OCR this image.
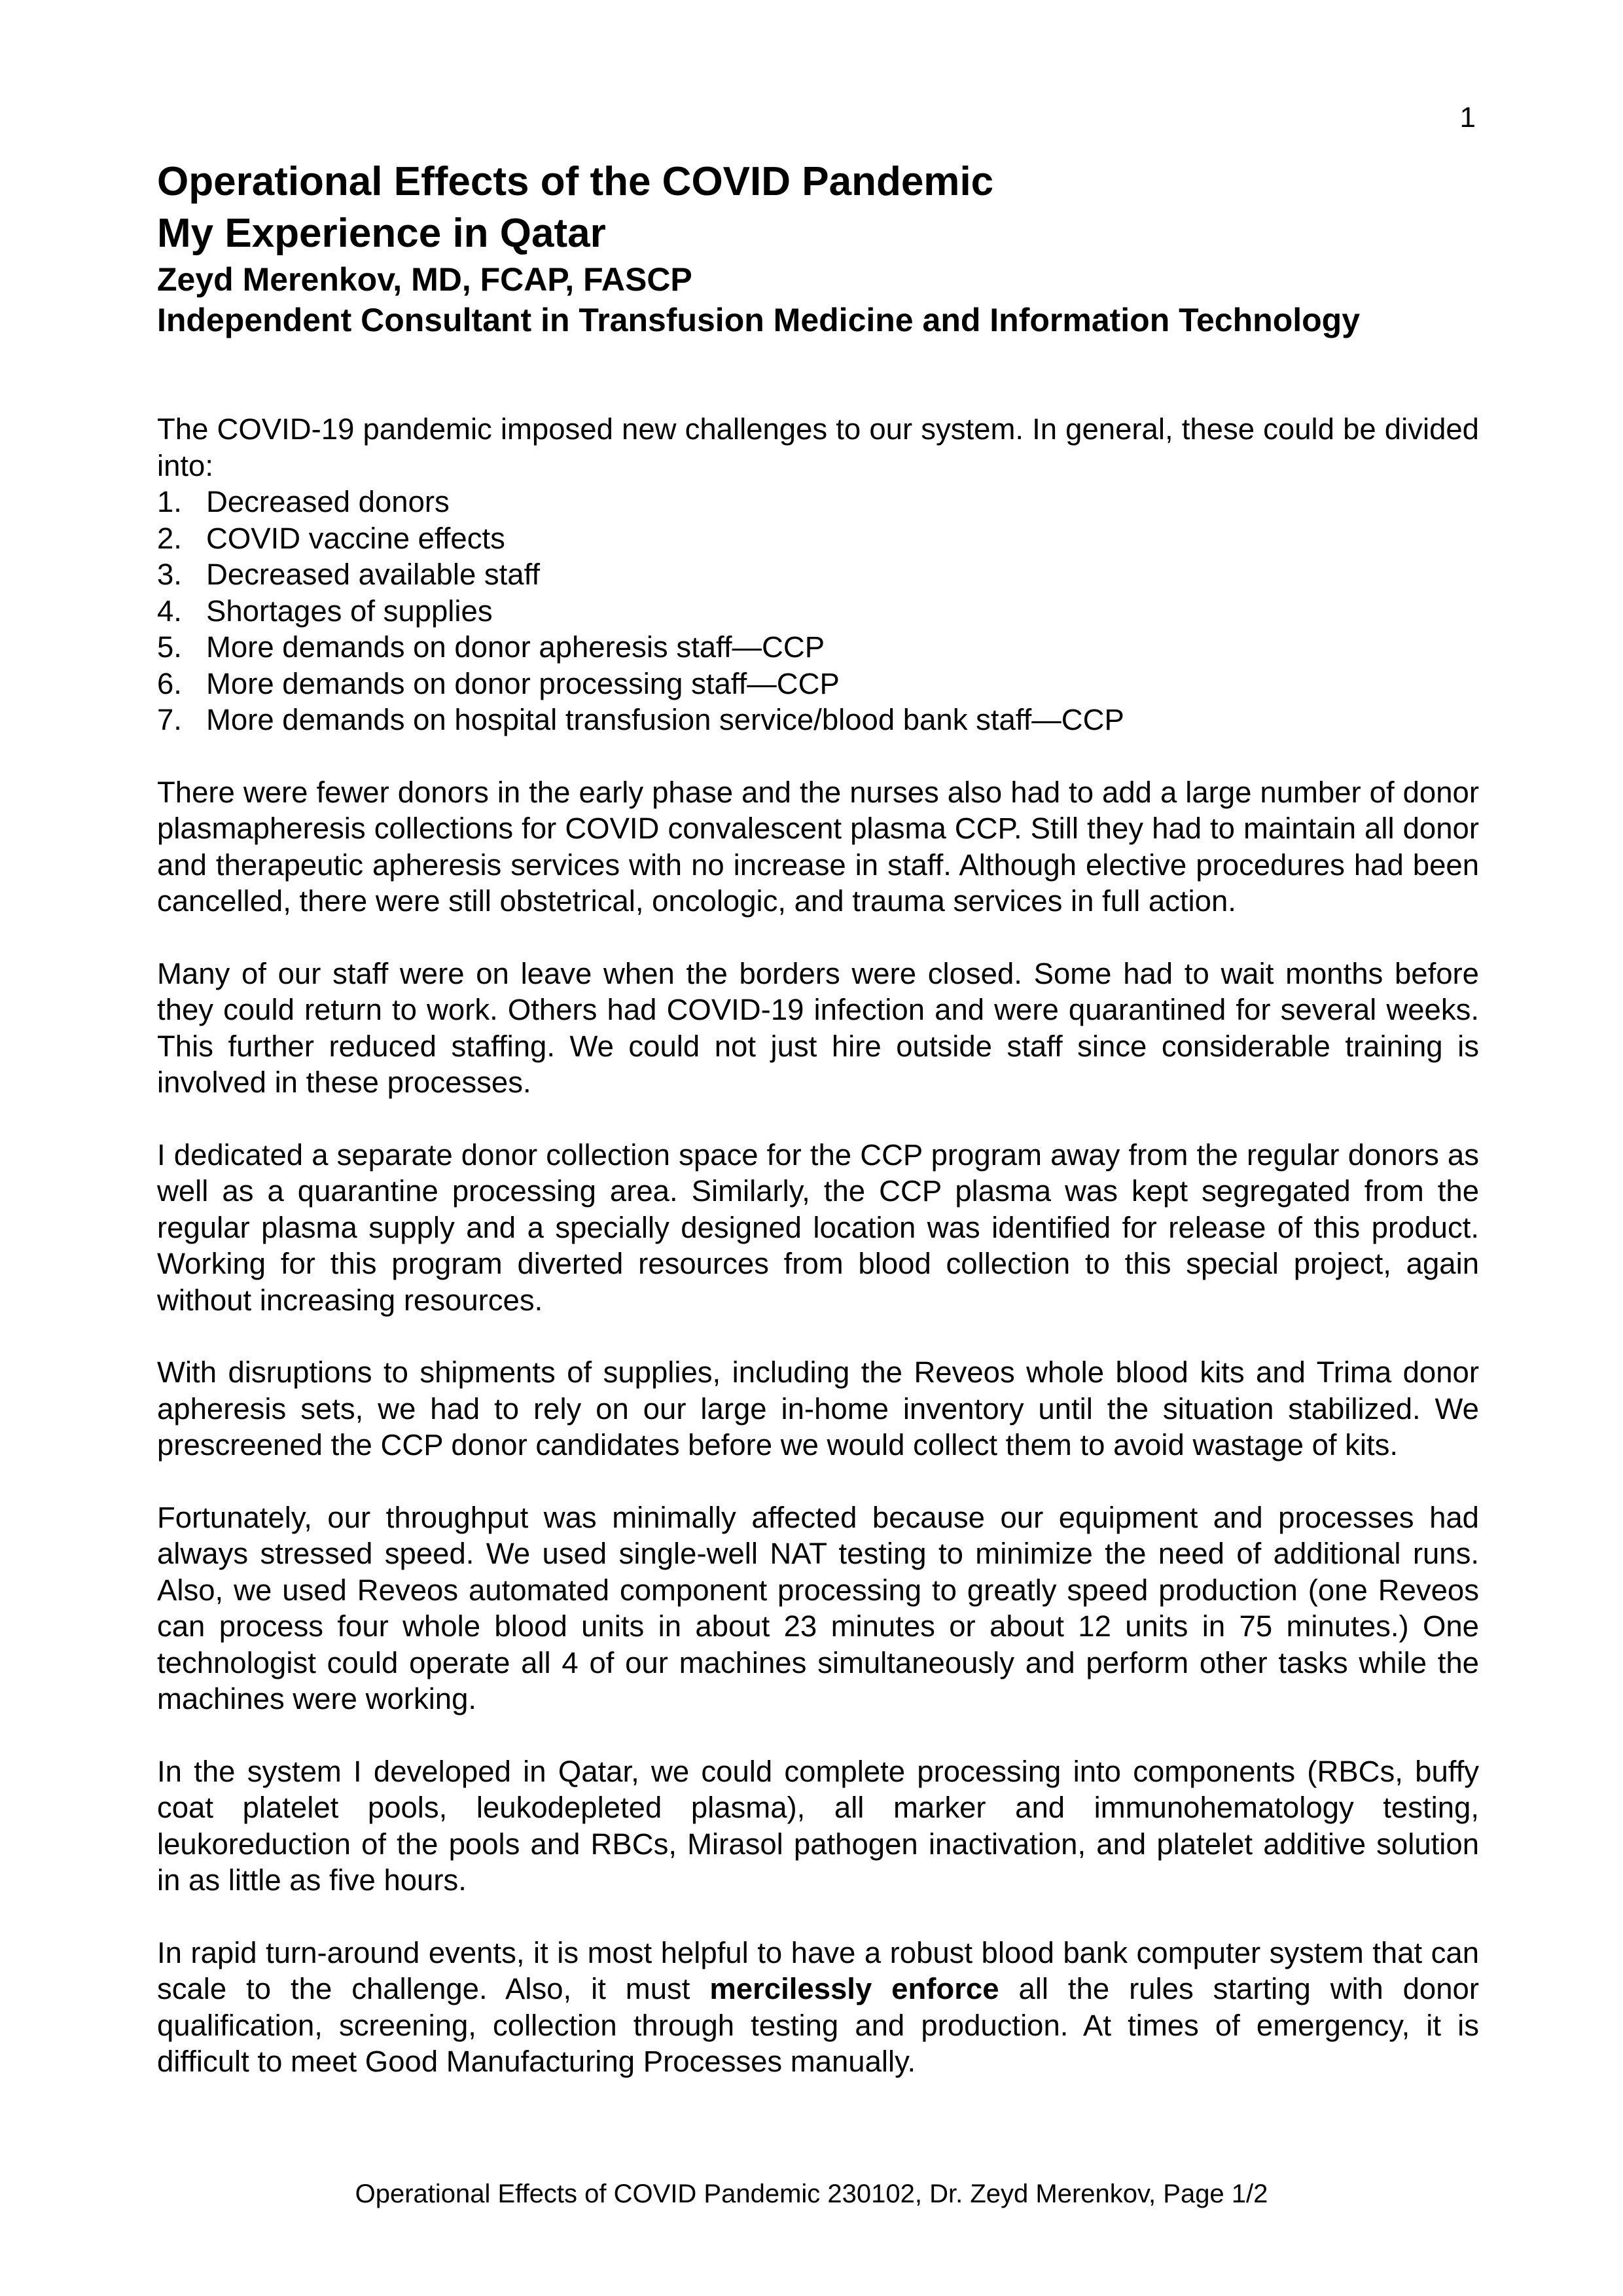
1

Operational Effects of the COVID Pandemic

My Experience in Qatar

Zeyd Merenkov, MD, FCAP, FASCP

Independent Consultant in Transfusion Medicine and Information Technology

The COVID-19 pandemic imposed new challenges to our system. In general, these could be divided into:

1. Decreased donors
2. COVID vaccine effects
3. Decreased available staff
4. Shortages of supplies
5. More demands on donor apheresis staff—CCP
6. More demands on donor processing staff—CCP
7. More demands on hospital transfusion service/blood bank staff—CCP

There were fewer donors in the early phase and the nurses also had to add a large number of donor plasmapheresis collections for COVID convalescent plasma CCP. Still they had to maintain all donor and therapeutic apheresis services with no increase in staff. Although elective procedures had been cancelled, there were still obstetrical, oncologic, and trauma services in full action.

Many of our staff were on leave when the borders were closed. Some had to wait months before they could return to work. Others had COVID-19 infection and were quarantined for several weeks. This further reduced staffing. We could not just hire outside staff since considerable training is involved in these processes.

I dedicated a separate donor collection space for the CCP program away from the regular donors as well as a quarantine processing area. Similarly, the CCP plasma was kept segregated from the regular plasma supply and a specially designed location was identified for release of this product. Working for this program diverted resources from blood collection to this special project, again without increasing resources.

With disruptions to shipments of supplies, including the Reveos whole blood kits and Trima donor apheresis sets, we had to rely on our large in-home inventory until the situation stabilized. We prescreened the CCP donor candidates before we would collect them to avoid wastage of kits.

Fortunately, our throughput was minimally affected because our equipment and processes had always stressed speed. We used single-well NAT testing to minimize the need of additional runs. Also, we used Reveos automated component processing to greatly speed production (one Reveos can process four whole blood units in about 23 minutes or about 12 units in 75 minutes.) One technologist could operate all 4 of our machines simultaneously and perform other tasks while the machines were working.

In the system I developed in Qatar, we could complete processing into components (RBCs, buffy coat platelet pools, leukodepleted plasma), all marker and immunohematology testing, leukoreduction of the pools and RBCs, Mirasol pathogen inactivation, and platelet additive solution in as little as five hours.

In rapid turn-around events, it is most helpful to have a robust blood bank computer system that can scale to the challenge. Also, it must mercilessly enforce all the rules starting with donor qualification, screening, collection through testing and production. At times of emergency, it is difficult to meet Good Manufacturing Processes manually.

Operational Effects of COVID Pandemic 230102, Dr. Zeyd Merenkov, Page 1/2
